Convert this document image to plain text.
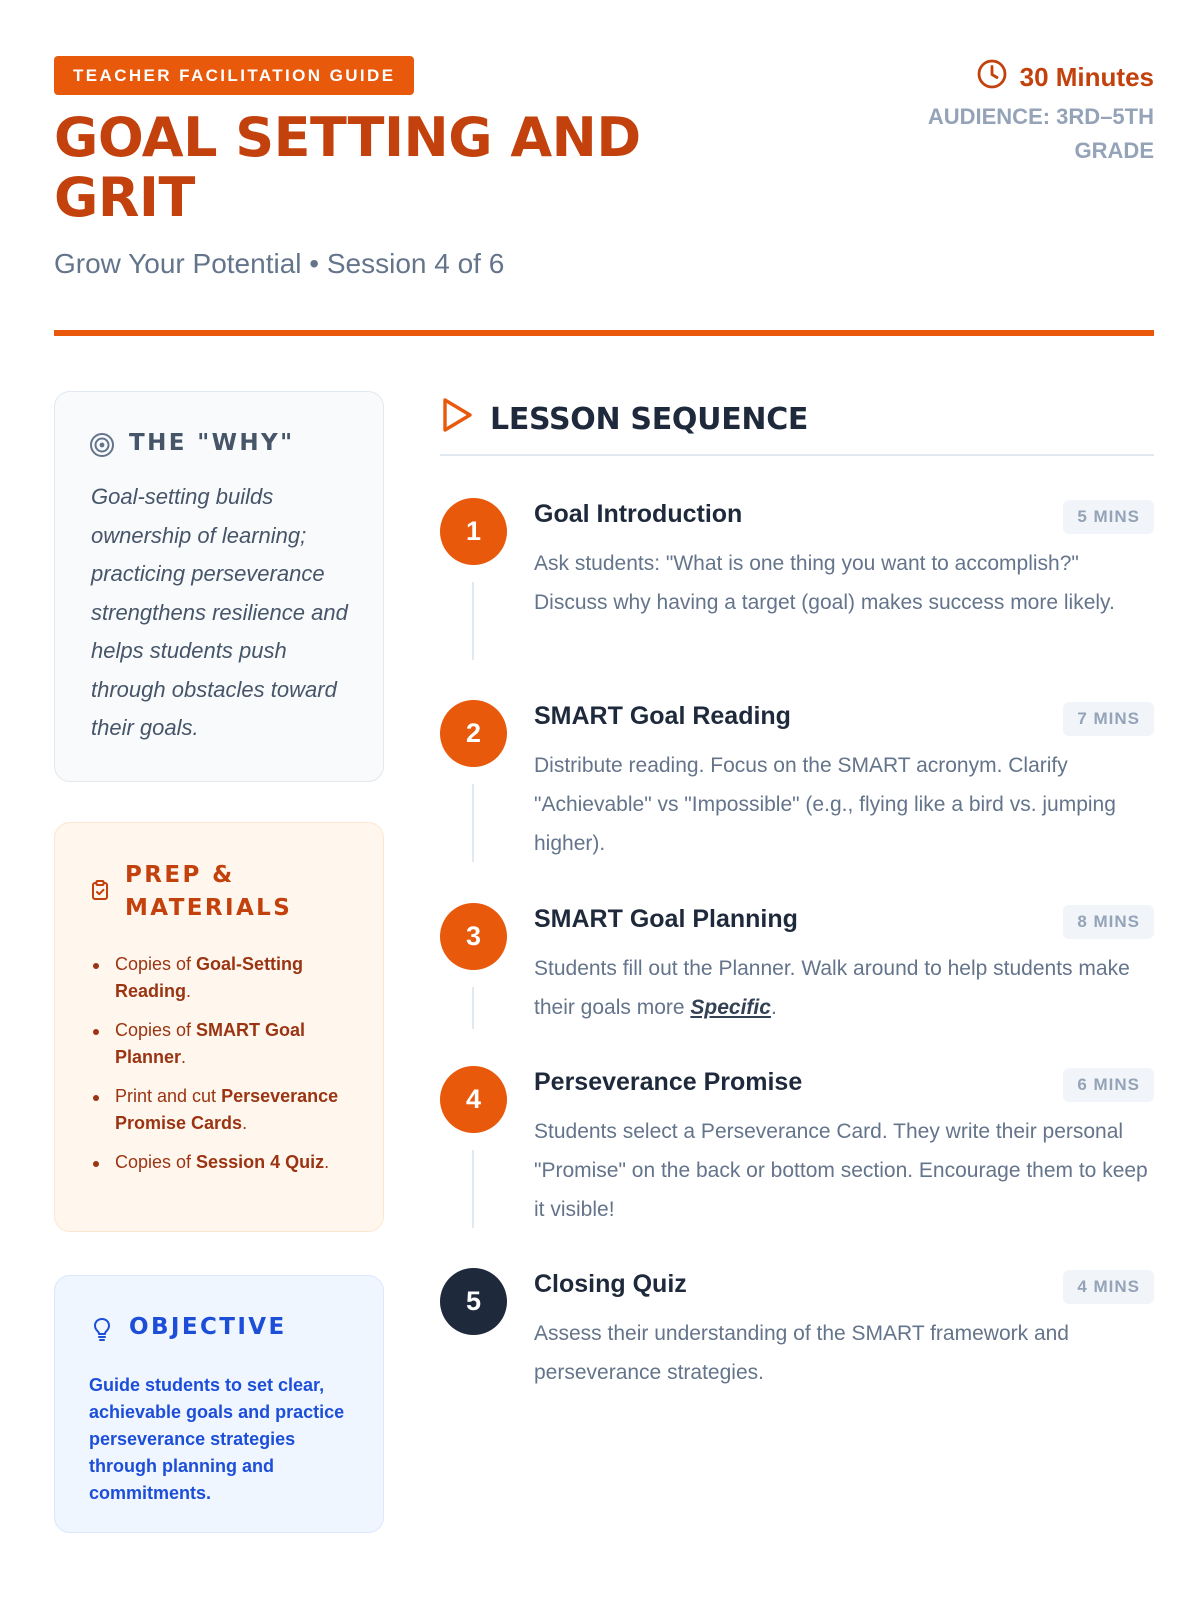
TEACHER FACILITATION GUIDE
GOAL SETTING AND GRIT
Grow Your Potential • Session 4 of 6
30 Minutes
AUDIENCE: 3RD–5TH GRADE
THE "WHY"

Goal-setting builds ownership of learning; practicing perseverance strengthens resilience and helps students push through obstacles toward their goals.

PREP & MATERIALS
Copies of Goal-Setting Reading.
Copies of SMART Goal Planner.
Print and cut Perseverance Promise Cards.
Copies of Session 4 Quiz.
OBJECTIVE

Guide students to set clear, achievable goals and practice perseverance strategies through planning and commitments.

LESSON SEQUENCE
1
Goal Introduction	5 MINS

Ask students: "What is one thing you want to accomplish?" Discuss why having a target (goal) makes success more likely.

2
SMART Goal Reading	7 MINS

Distribute reading. Focus on the SMART acronym. Clarify "Achievable" vs "Impossible" (e.g., flying like a bird vs. jumping higher).

3
SMART Goal Planning	8 MINS

Students fill out the Planner. Walk around to help students make their goals more Specific.

4
Perseverance Promise	6 MINS

Students select a Perseverance Card. They write their personal "Promise" on the back or bottom section. Encourage them to keep it visible!

5
Closing Quiz	4 MINS

Assess their understanding of the SMART framework and perseverance strategies.
